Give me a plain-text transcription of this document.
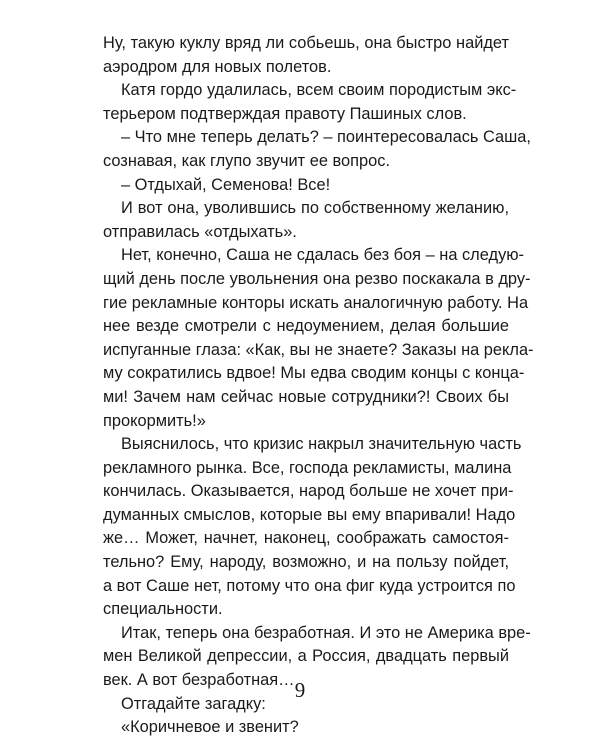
Ну, такую куклу вряд ли собьешь, она быстро найдет
аэродром для новых полетов.
Катя гордо удалилась, всем своим породистым экс-
терьером подтверждая правоту Пашиных слов.
– Что мне теперь делать? – поинтересовалась Саша,
сознавая, как глупо звучит ее вопрос.
– Отдыхай, Семенова! Все!
И вот она, уволившись по собственному желанию,
отправилась «отдыхать».
Нет, конечно, Саша не сдалась без боя – на следую-
щий день после увольнения она резво поскакала в дру-
гие рекламные конторы искать аналогичную работу. На
нее везде смотрели с недоумением, делая большие
испуганные глаза: «Как, вы не знаете? Заказы на рекла-
му сократились вдвое! Мы едва сводим концы с конца-
ми! Зачем нам сейчас новые сотрудники?! Своих бы
прокормить!»
Выяснилось, что кризис накрыл значительную часть
рекламного рынка. Все, господа рекламисты, малина
кончилась. Оказывается, народ больше не хочет при-
думанных смыслов, которые вы ему впаривали! Надо
же… Может, начнет, наконец, соображать самостоя-
тельно? Ему, народу, возможно, и на пользу пойдет,
а вот Саше нет, потому что она фиг куда устроится по
специальности.
Итак, теперь она безработная. И это не Америка вре-
мен Великой депрессии, а Россия, двадцать первый
век. А вот безработная…
Отгадайте загадку:
«Коричневое и звенит?
9
